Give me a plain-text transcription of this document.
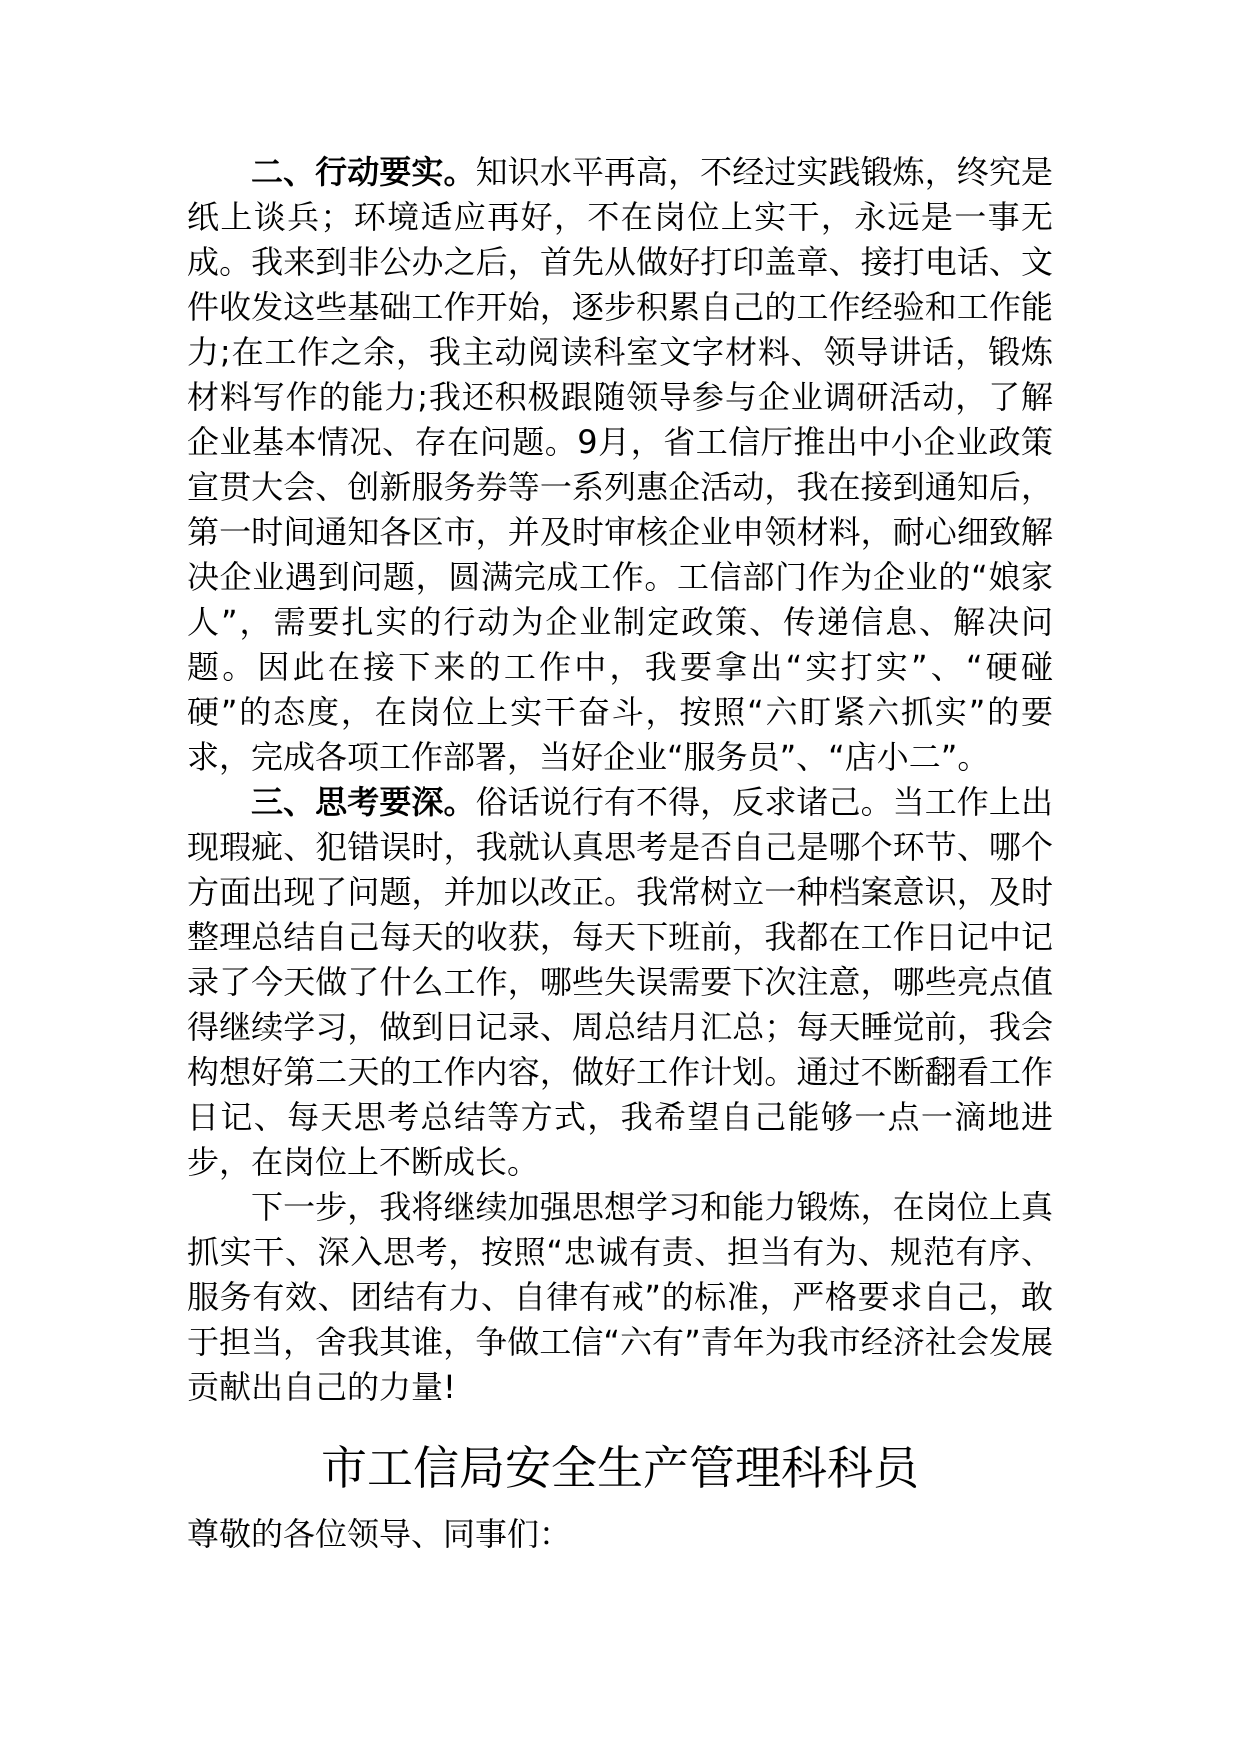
二、行动要实。知识水平再高，不经过实践锻炼，终究是纸上谈兵；环境适应再好，不在岗位上实干，永远是一事无成。我来到非公办之后，首先从做好打印盖章、接打电话、文件收发这些基础工作开始，逐步积累自己的工作经验和工作能力;在工作之余，我主动阅读科室文字材料、领导讲话，锻炼材料写作的能力;我还积极跟随领导参与企业调研活动，了解企业基本情况、存在问题。9月，省工信厅推出中小企业政策宣贯大会、创新服务券等一系列惠企活动，我在接到通知后，第一时间通知各区市，并及时审核企业申领材料，耐心细致解决企业遇到问题，圆满完成工作。工信部门作为企业的“娘家人”，需要扎实的行动为企业制定政策、传递信息、解决问题。因此在接下来的工作中，我要拿出“实打实”、“硬碰硬”的态度，在岗位上实干奋斗，按照“六盯紧六抓实”的要求，完成各项工作部署，当好企业“服务员”、“店小二”。

三、思考要深。俗话说行有不得，反求诸己。当工作上出现瑕疵、犯错误时，我就认真思考是否自己是哪个环节、哪个方面出现了问题，并加以改正。我常树立一种档案意识，及时整理总结自己每天的收获，每天下班前，我都在工作日记中记录了今天做了什么工作，哪些失误需要下次注意，哪些亮点值得继续学习，做到日记录、周总结月汇总；每天睡觉前，我会构想好第二天的工作内容，做好工作计划。通过不断翻看工作日记、每天思考总结等方式，我希望自己能够一点一滴地进步，在岗位上不断成长。

下一步，我将继续加强思想学习和能力锻炼，在岗位上真抓实干、深入思考，按照“忠诚有责、担当有为、规范有序、服务有效、团结有力、自律有戒”的标准，严格要求自己，敢于担当，舍我其谁，争做工信“六有”青年为我市经济社会发展贡献出自己的力量!

市工信局安全生产管理科科员

尊敬的各位领导、同事们：
